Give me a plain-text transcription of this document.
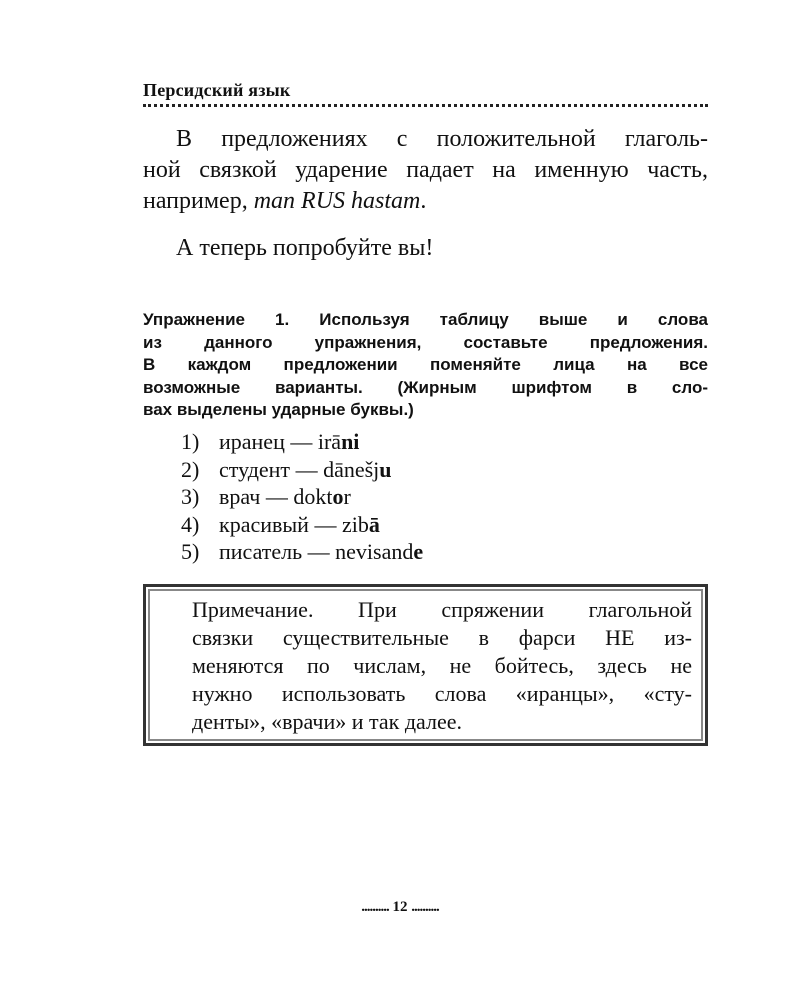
Персидский язык
В предложениях с положительной глаголь-
ной связкой ударение падает на именную часть,
например, man RUS hastam.
А теперь попробуйте вы!
Упражнение 1. Используя таблицу выше и слова
из данного упражнения, составьте предложения.
В каждом предложении поменяйте лица на все
возможные варианты. (Жирным шрифтом в сло-
вах выделены ударные буквы.)
1) иранец — irāni
2) студент — dānešju
3) врач — doktor
4) красивый — zibā
5) писатель — nevisande
Примечание. При спряжении глагольной
связки существительные в фарси НЕ из-
меняются по числам, не бойтесь, здесь не
нужно использовать слова «иранцы», «сту-
денты», «врачи» и так далее.
.......... 12 ..........
